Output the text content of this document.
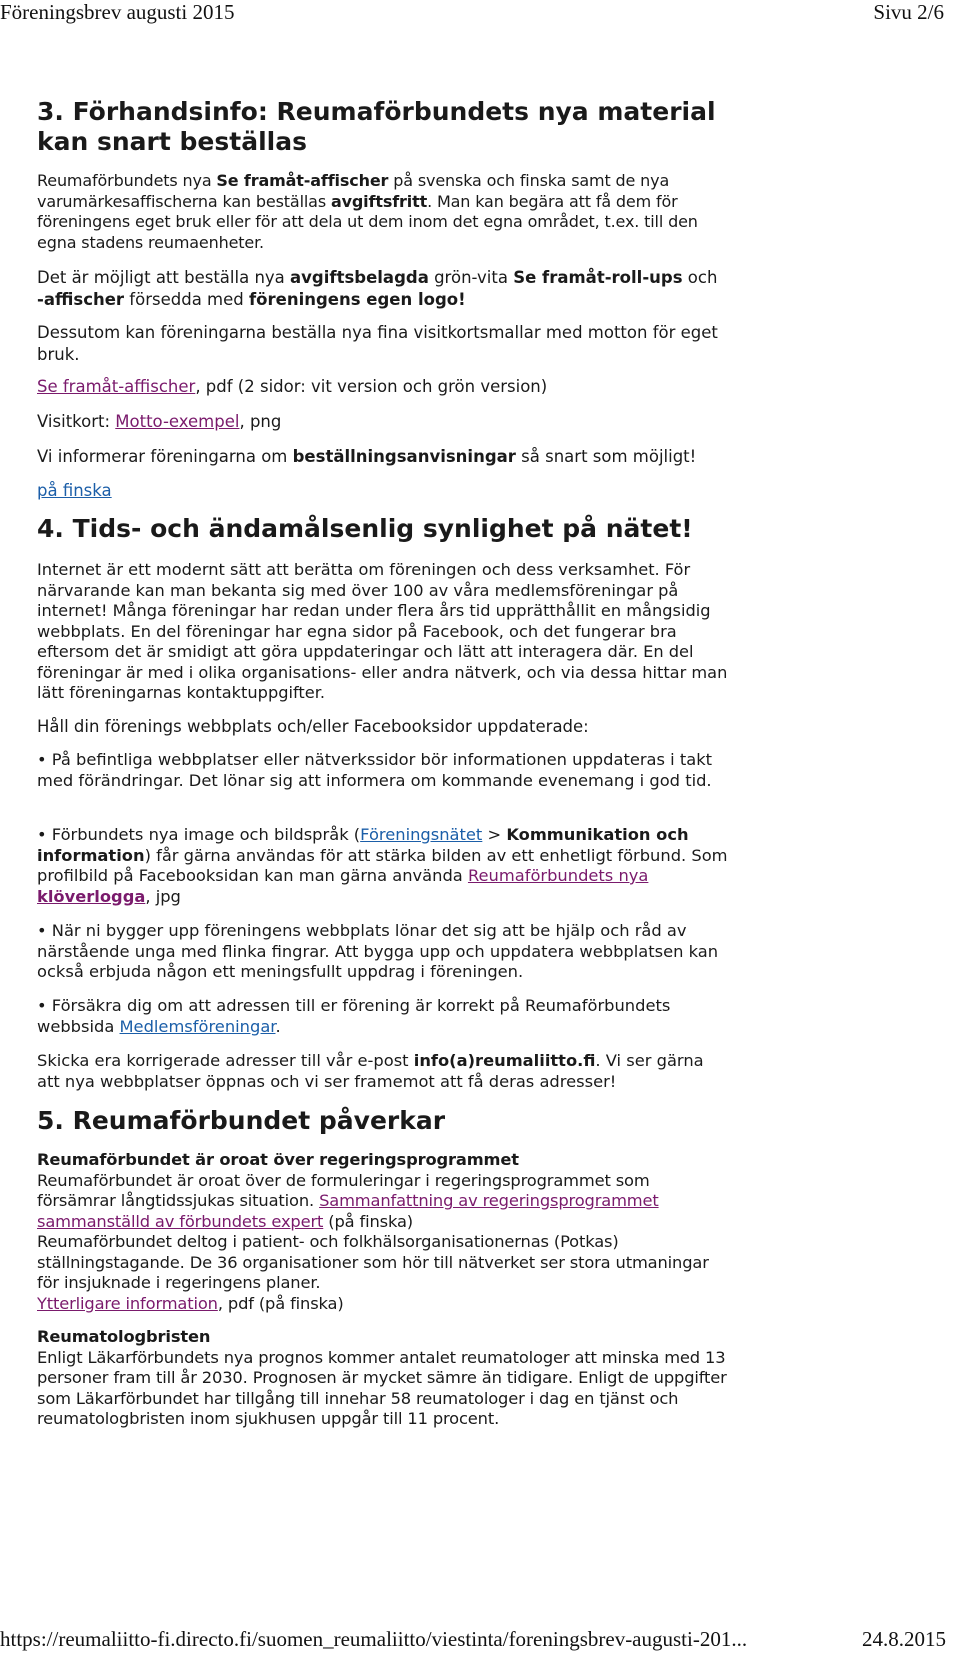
Föreningsbrev augusti 2015	Sivu 2/6
3. Förhandsinfo: Reumaförbundets nya material
kan snart beställas

Reumaförbundets nya Se framåt-affischer på svenska och finska samt de nya varumärkesaffischerna kan beställas avgiftsfritt. Man kan begära att få dem för föreningens eget bruk eller för att dela ut dem inom det egna området, t.ex. till den egna stadens reumaenheter.

Det är möjligt att beställa nya avgiftsbelagda grön-vita Se framåt-roll-ups och -affischer försedda med föreningens egen logo!

Dessutom kan föreningarna beställa nya fina visitkortsmallar med motton för eget bruk.

Se framåt-affischer, pdf (2 sidor: vit version och grön version)

Visitkort: Motto-exempel, png

Vi informerar föreningarna om beställningsanvisningar så snart som möjligt!

på finska

4. Tids- och ändamålsenlig synlighet på nätet!

Internet är ett modernt sätt att berätta om föreningen och dess verksamhet. För närvarande kan man bekanta sig med över 100 av våra medlemsföreningar på internet! Många föreningar har redan under flera års tid upprätthållit en mångsidig webbplats. En del föreningar har egna sidor på Facebook, och det fungerar bra eftersom det är smidigt att göra uppdateringar och lätt att interagera där. En del föreningar är med i olika organisations- eller andra nätverk, och via dessa hittar man lätt föreningarnas kontaktuppgifter.

Håll din förenings webbplats och/eller Facebooksidor uppdaterade:

• På befintliga webbplatser eller nätverkssidor bör informationen uppdateras i takt med förändringar. Det lönar sig att informera om kommande evenemang i god tid.

• Förbundets nya image och bildspråk (Föreningsnätet > Kommunikation och information) får gärna användas för att stärka bilden av ett enhetligt förbund. Som profilbild på Facebooksidan kan man gärna använda Reumaförbundets nya klöverlogga, jpg

• När ni bygger upp föreningens webbplats lönar det sig att be hjälp och råd av närstående unga med flinka fingrar. Att bygga upp och uppdatera webbplatsen kan också erbjuda någon ett meningsfullt uppdrag i föreningen.

• Försäkra dig om att adressen till er förening är korrekt på Reumaförbundets webbsida Medlemsföreningar.

Skicka era korrigerade adresser till vår e-post info(a)reumaliitto.fi. Vi ser gärna att nya webbplatser öppnas och vi ser framemot att få deras adresser!

5. Reumaförbundet påverkar

Reumaförbundet är oroat över regeringsprogrammet

Reumaförbundet är oroat över de formuleringar i regeringsprogrammet som försämrar långtidssjukas situation. Sammanfattning av regeringsprogrammet sammanställd av förbundets expert (på finska)

Reumaförbundet deltog i patient- och folkhälsorganisationernas (Potkas) ställningstagande. De 36 organisationer som hör till nätverket ser stora utmaningar för insjuknade i regeringens planer.

Ytterligare information, pdf (på finska)

Reumatologbristen

Enligt Läkarförbundets nya prognos kommer antalet reumatologer att minska med 13 personer fram till år 2030. Prognosen är mycket sämre än tidigare. Enligt de uppgifter som Läkarförbundet har tillgång till innehar 58 reumatologer i dag en tjänst och reumatologbristen inom sjukhusen uppgår till 11 procent.

https://reumaliitto-fi.directo.fi/suomen_reumaliitto/viestinta/foreningsbrev-augusti-201...	24.8.2015
